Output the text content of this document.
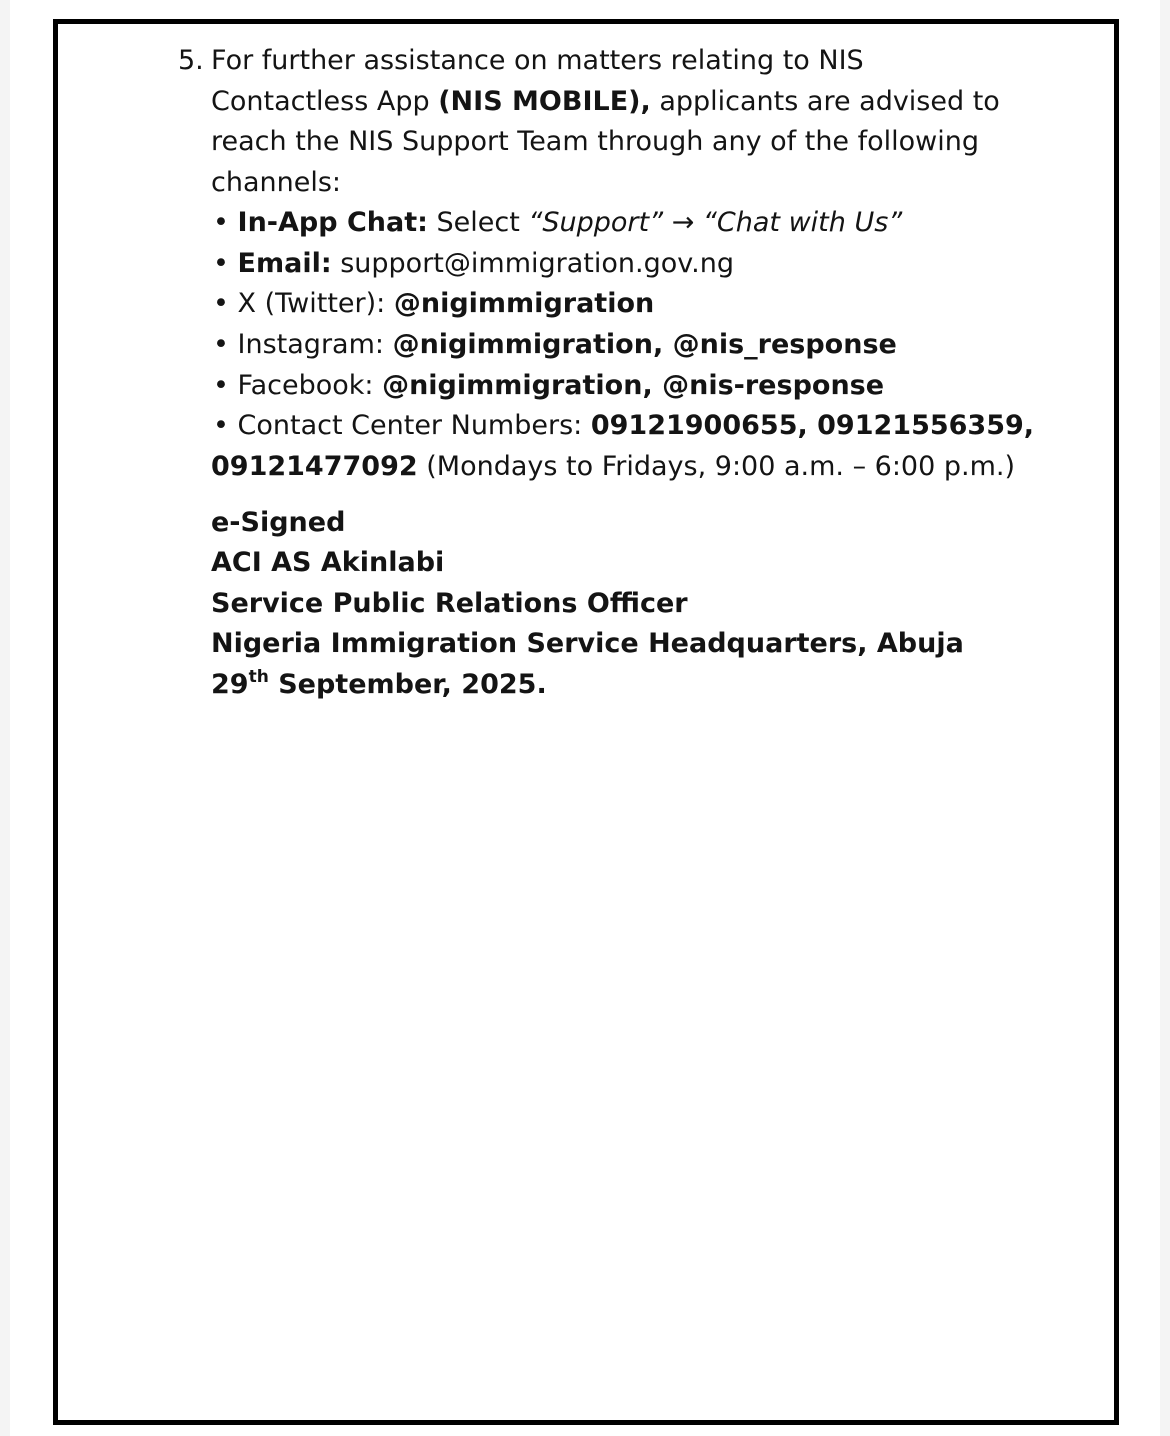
5. For further assistance on matters relating to NIS
Contactless App (NIS MOBILE), applicants are advised to
reach the NIS Support Team through any of the following
channels:
• In-App Chat: Select “Support” → “Chat with Us”
• Email: support@immigration.gov.ng
• X (Twitter): @nigimmigration
• Instagram: @nigimmigration, @nis_response
• Facebook: @nigimmigration, @nis-response
• Contact Center Numbers: 09121900655, 09121556359,
09121477092 (Mondays to Fridays, 9:00 a.m. – 6:00 p.m.)
e-Signed
ACI AS Akinlabi
Service Public Relations Officer
Nigeria Immigration Service Headquarters, Abuja
29th September, 2025.
